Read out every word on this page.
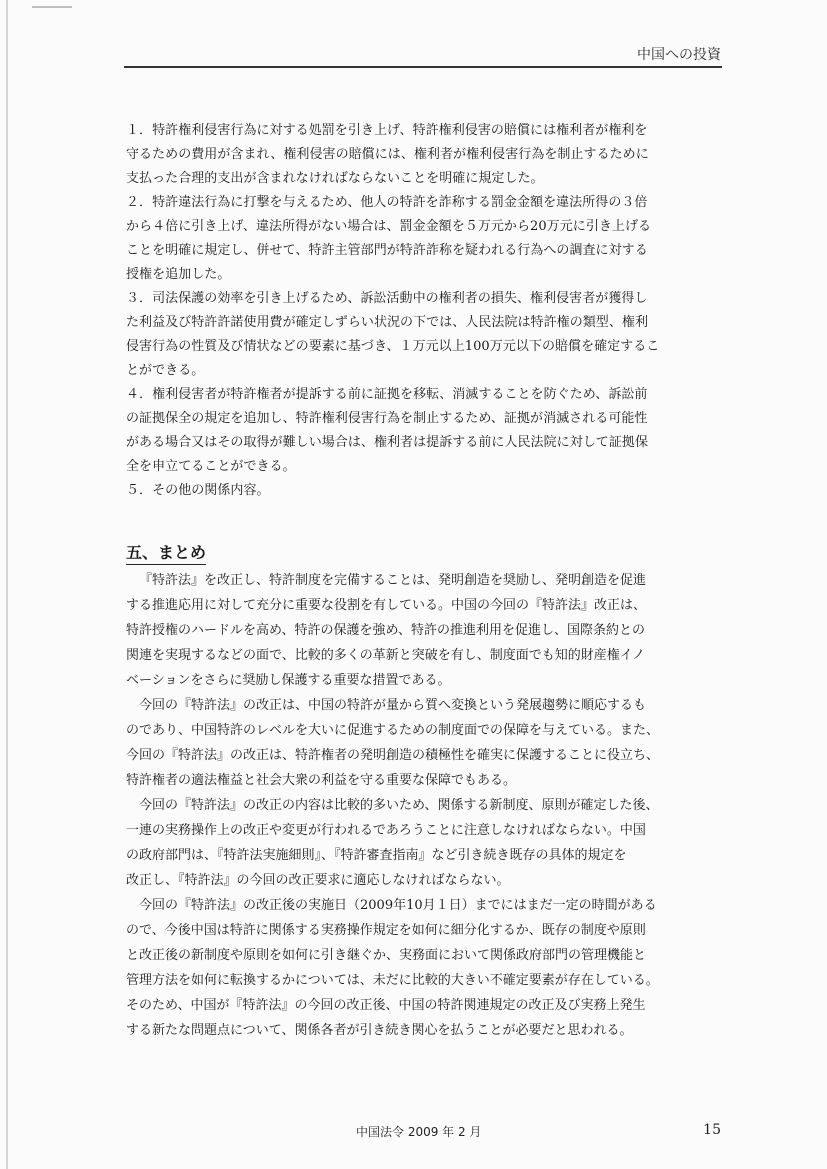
中国への投資

１．特許権利侵害行為に対する処罰を引き上げ、特許権利侵害の賠償には権利者が権利を

守るための費用が含まれ、権利侵害の賠償には、権利者が権利侵害行為を制止するために

支払った合理的支出が含まれなければならないことを明確に規定した。

２．特許違法行為に打撃を与えるため、他人の特許を詐称する罰金金額を違法所得の３倍

から４倍に引き上げ、違法所得がない場合は、罰金金額を５万元から20万元に引き上げる

ことを明確に規定し、併せて、特許主管部門が特許詐称を疑われる行為への調査に対する

授権を追加した。

３．司法保護の効率を引き上げるため、訴訟活動中の権利者の損失、権利侵害者が獲得し

た利益及び特許許諾使用費が確定しずらい状況の下では、人民法院は特許権の類型、権利

侵害行為の性質及び情状などの要素に基づき、１万元以上100万元以下の賠償を確定するこ

とができる。

４．権利侵害者が特許権者が提訴する前に証拠を移転、消滅することを防ぐため、訴訟前

の証拠保全の規定を追加し、特許権利侵害行為を制止するため、証拠が消滅される可能性

がある場合又はその取得が難しい場合は、権利者は提訴する前に人民法院に対して証拠保

全を申立てることができる。

５．その他の関係内容。

五、まとめ

『特許法』を改正し、特許制度を完備することは、発明創造を奨励し、発明創造を促進

する推進応用に対して充分に重要な役割を有している。中国の今回の『特許法』改正は、

特許授権のハードルを高め、特許の保護を強め、特許の推進利用を促進し、国際条約との

関連を実現するなどの面で、比較的多くの革新と突破を有し、制度面でも知的財産権イノ

ベーションをさらに奨励し保護する重要な措置である。

今回の『特許法』の改正は、中国の特許が量から質へ変換という発展趨勢に順応するも

のであり、中国特許のレベルを大いに促進するための制度面での保障を与えている。また、

今回の『特許法』の改正は、特許権者の発明創造の積極性を確実に保護することに役立ち、

特許権者の適法権益と社会大衆の利益を守る重要な保障でもある。

今回の『特許法』の改正の内容は比較的多いため、関係する新制度、原則が確定した後、

一連の実務操作上の改正や変更が行われるであろうことに注意しなければならない。中国

の政府部門は、『特許法実施細則』、『特許審査指南』など引き続き既存の具体的規定を

改正し、『特許法』の今回の改正要求に適応しなければならない。

今回の『特許法』の改正後の実施日（2009年10月１日）までにはまだ一定の時間がある

ので、今後中国は特許に関係する実務操作規定を如何に細分化するか、既存の制度や原則

と改正後の新制度や原則を如何に引き継ぐか、実務面において関係政府部門の管理機能と

管理方法を如何に転換するかについては、未だに比較的大きい不確定要素が存在している。

そのため、中国が『特許法』の今回の改正後、中国の特許関連規定の改正及び実務上発生

する新たな問題点について、関係各者が引き続き関心を払うことが必要だと思われる。

中国法令 2009 年 2 月	15
